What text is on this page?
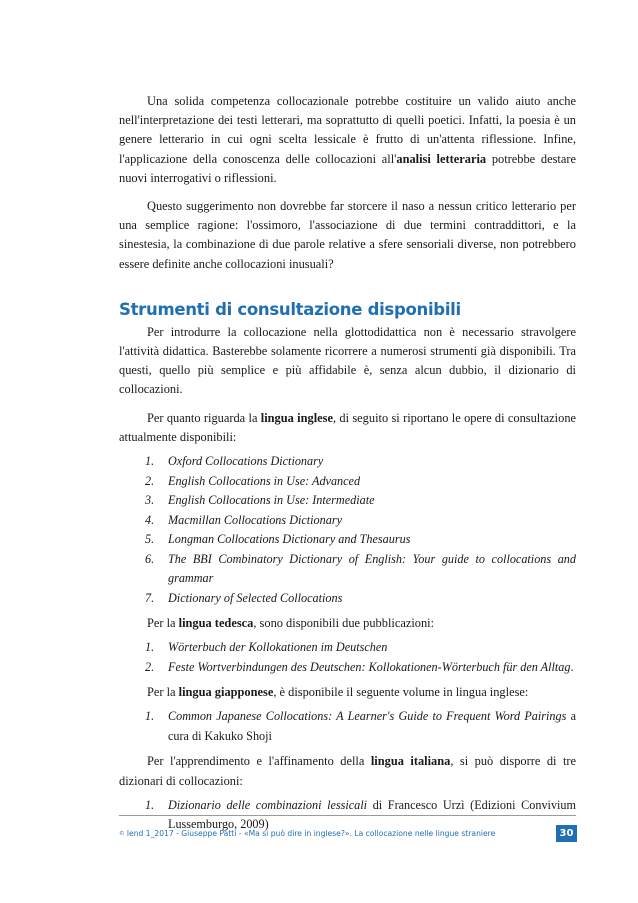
Una solida competenza collocazionale potrebbe costituire un valido aiuto anche nell'interpretazione dei testi letterari, ma soprattutto di quelli poetici. Infatti, la poesia è un genere letterario in cui ogni scelta lessicale è frutto di un'attenta riflessione. Infine, l'applicazione della conoscenza delle collocazioni all'analisi letteraria potrebbe destare nuovi interrogativi o riflessioni.

Questo suggerimento non dovrebbe far storcere il naso a nessun critico letterario per una semplice ragione: l'ossimoro, l'associazione di due termini contraddittori, e la sinestesia, la combinazione di due parole relative a sfere sensoriali diverse, non potrebbero essere definite anche collocazioni inusuali?

Strumenti di consultazione disponibili

Per introdurre la collocazione nella glottodidattica non è necessario stravolgere l'attività didattica. Basterebbe solamente ricorrere a numerosi strumenti già disponibili. Tra questi, quello più semplice e più affidabile è, senza alcun dubbio, il dizionario di collocazioni.

Per quanto riguarda la lingua inglese, di seguito si riportano le opere di consultazione attualmente disponibili:

1. Oxford Collocations Dictionary
2. English Collocations in Use: Advanced
3. English Collocations in Use: Intermediate
4. Macmillan Collocations Dictionary
5. Longman Collocations Dictionary and Thesaurus
6. The BBI Combinatory Dictionary of English: Your guide to collocations and grammar
7. Dictionary of Selected Collocations

Per la lingua tedesca, sono disponibili due pubblicazioni:

1. Wörterbuch der Kollokationen im Deutschen
2. Feste Wortverbindungen des Deutschen: Kollokationen-Wörterbuch für den Alltag.

Per la lingua giapponese, è disponibile il seguente volume in lingua inglese:

1. Common Japanese Collocations: A Learner's Guide to Frequent Word Pairings a cura di Kakuko Shoji

Per l'apprendimento e l'affinamento della lingua italiana, si può disporre di tre dizionari di collocazioni:

1. Dizionario delle combinazioni lessicali di Francesco Urzì (Edizioni Convivium Lussemburgo, 2009)
© lend 1_2017 - Giuseppe Patti - «Ma si può dire in inglese?». La collocazione nelle lingue straniere	30
